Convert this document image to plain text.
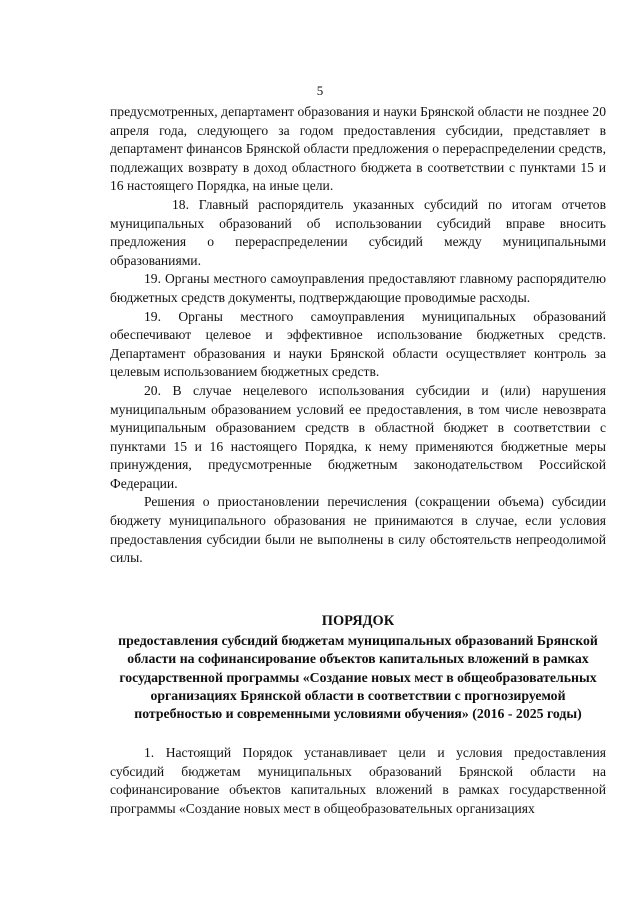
5

предусмотренных, департамент образования и науки Брянской области не позднее 20 апреля года, следующего за годом предоставления субсидии, представляет в департамент финансов Брянской области предложения о перераспределении средств, подлежащих возврату в доход областного бюджета в соответствии с пунктами 15 и 16 настоящего Порядка, на иные цели.

18. Главный распорядитель указанных субсидий по итогам отчетов муниципальных образований об использовании субсидий вправе вносить предложения о перераспределении субсидий между муниципальными образованиями.

19. Органы местного самоуправления предоставляют главному распорядителю бюджетных средств документы, подтверждающие проводимые расходы.

19. Органы местного самоуправления муниципальных образований обеспечивают целевое и эффективное использование бюджетных средств. Департамент образования и науки Брянской области осуществляет контроль за целевым использованием бюджетных средств.

20. В случае нецелевого использования субсидии и (или) нарушения муниципальным образованием условий ее предоставления, в том числе невозврата муниципальным образованием средств в областной бюджет в соответствии с пунктами 15 и 16 настоящего Порядка, к нему применяются бюджетные меры принуждения, предусмотренные бюджетным законодательством Российской Федерации.

Решения о приостановлении перечисления (сокращении объема) субсидии бюджету муниципального образования не принимаются в случае, если условия предоставления субсидии были не выполнены в силу обстоятельств непреодолимой силы.

ПОРЯДОК
предоставления субсидий бюджетам муниципальных образований Брянской области на софинансирование объектов капитальных вложений в рамках государственной программы «Создание новых мест в общеобразовательных организациях Брянской области в соответствии с прогнозируемой потребностью и современными условиями обучения» (2016 - 2025 годы)

1. Настоящий Порядок устанавливает цели и условия предоставления субсидий бюджетам муниципальных образований Брянской области на софинансирование объектов капитальных вложений в рамках государственной программы «Создание новых мест в общеобразовательных организациях
